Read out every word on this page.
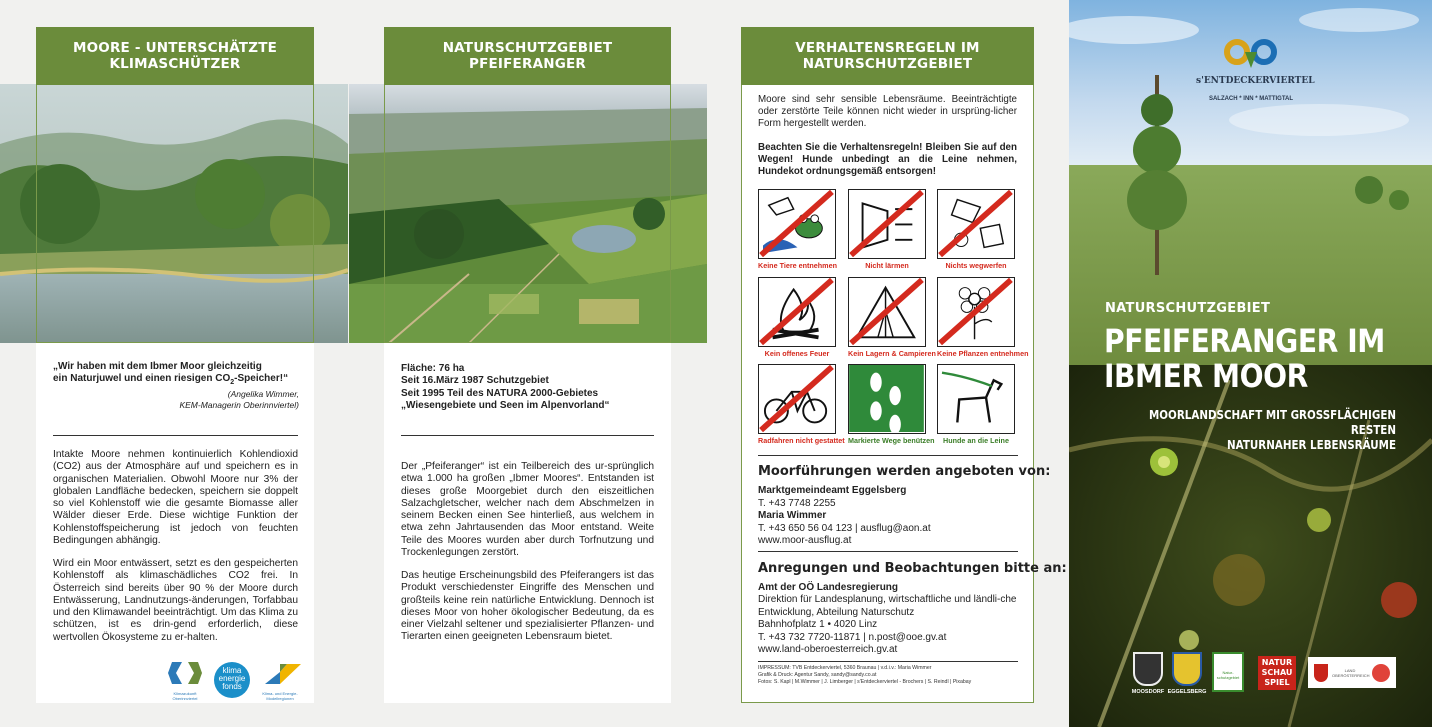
MOORE - UNTERSCHÄTZTE KLIMASCHÜTZER
„Wir haben mit dem Ibmer Moor gleichzeitig
ein Naturjuwel und einen riesigen $CO_2-Speicher!“$
(Angelika Wimmer,
KEM-Managerin Oberinnviertel)
Intakte Moore nehmen kontinuierlich Kohlendioxid (CO2) aus der Atmosphäre auf und speichern es in organischen Materialien. Obwohl Moore nur 3% der globalen Landfläche bedecken, speichern sie doppelt so viel Kohlenstoff wie die gesamte Biomasse aller Wälder dieser Erde. Diese wichtige Funktion der Kohlenstoffspeicherung ist jedoch von feuchten Bedingungen abhängig.
Wird ein Moor entwässert, setzt es den gespeicherten Kohlenstoff als klimaschädliches CO2 frei. In Österreich sind bereits über 90 % der Moore durch Entwässerung, Landnutzungs-änderungen, Torfabbau und den Klimawandel beeinträchtigt. Um das Klima zu schützen, ist es drin-gend erforderlich, diese wertvollen Ökosysteme zu er-halten.
Klimazukunft Oberinnviertel
klima
energie
fonds
Klima- und Energie-Modellregionen
NATURSCHUTZGEBIET PFEIFERANGER
Fläche: 76 ha
Seit 16.März 1987 Schutzgebiet
Seit 1995 Teil des NATURA 2000-Gebietes
„Wiesengebiete und Seen im Alpenvorland“
Der „Pfeiferanger“ ist ein Teilbereich des ur-sprünglich etwa 1.000 ha großen „Ibmer Moores“. Entstanden ist dieses große Moorgebiet durch den eiszeitlichen Salzachgletscher, welcher nach dem Abschmelzen in seinem Becken einen See hinterließ, aus welchem in etwa zehn Jahrtausenden das Moor entstand. Weite Teile des Moores wurden aber durch Torfnutzung und Trockenlegungen zerstört.
Das heutige Erscheinungsbild des Pfeiferangers ist das Produkt verschiedenster Eingriffe des Menschen und großteils keine rein natürliche Entwicklung. Dennoch ist dieses Moor von hoher ökologischer Bedeutung, da es einer Vielzahl seltener und spezialisierter Pflanzen- und Tierarten einen geeigneten Lebensraum bietet.
VERHALTENSREGELN IM NATURSCHUTZGEBIET
Moore sind sehr sensible Lebensräume. Beeinträchtigte oder zerstörte Teile können nicht wieder in ursprüng-licher Form hergestellt werden.
Beachten Sie die Verhaltensregeln! Bleiben Sie auf den Wegen! Hunde unbedingt an die Leine nehmen, Hundekot ordnungsgemäß entsorgen!
Keine Tiere entnehmen	Nicht lärmen	Nichts wegwerfen
Kein offenes Feuer	Kein Lagern & Campieren Keine Pflanzen entnehmen
Radfahren nicht gestattet Markierte Wege benützen	Hunde an die Leine
Moorführungen werden angeboten von:
Marktgemeindeamt Eggelsberg
T. +43 7748 2255
Maria Wimmer
T. +43 650 56 04 123 | ausflug@aon.at
www.moor-ausflug.at
Anregungen und Beobachtungen bitte an:
Amt der OÖ Landesregierung
Direktion für Landesplanung, wirtschaftliche und ländli-che Entwicklung, Abteilung Naturschutz
Bahnhofplatz 1 • 4020 Linz
T. +43 732 7720-11871 | n.post@ooe.gv.at
www.land-oberoesterreich.gv.at
IMPRESSUM: TVB Entdeckerviertel, 5360 Braunau | v.d.i.v.: Maria Wimmer
Grafik & Druck: Agentur Sandy, sandy@sandy.co.at
Fotos: S. Kapl | M.Wimmer | J. Limberger | s'Entdeckerviertel - Brochers | S. Reindl | Pixabay
s'ENTDECKERVIERTEL
SALZACH * INN * MATTIGTAL
NATURSCHUTZGEBIET
PFEIFERANGER IM
IBMER MOOR
MOORLANDSCHAFT MIT GROSSFLÄCHIGEN RESTEN
NATURNAHER LEBENSRÄUME
MOOSDORF EGGELSBERG
Natur-schutzgebiet
NATUR
SCHAU
SPIEL
LAND OBERÖSTERREICH
